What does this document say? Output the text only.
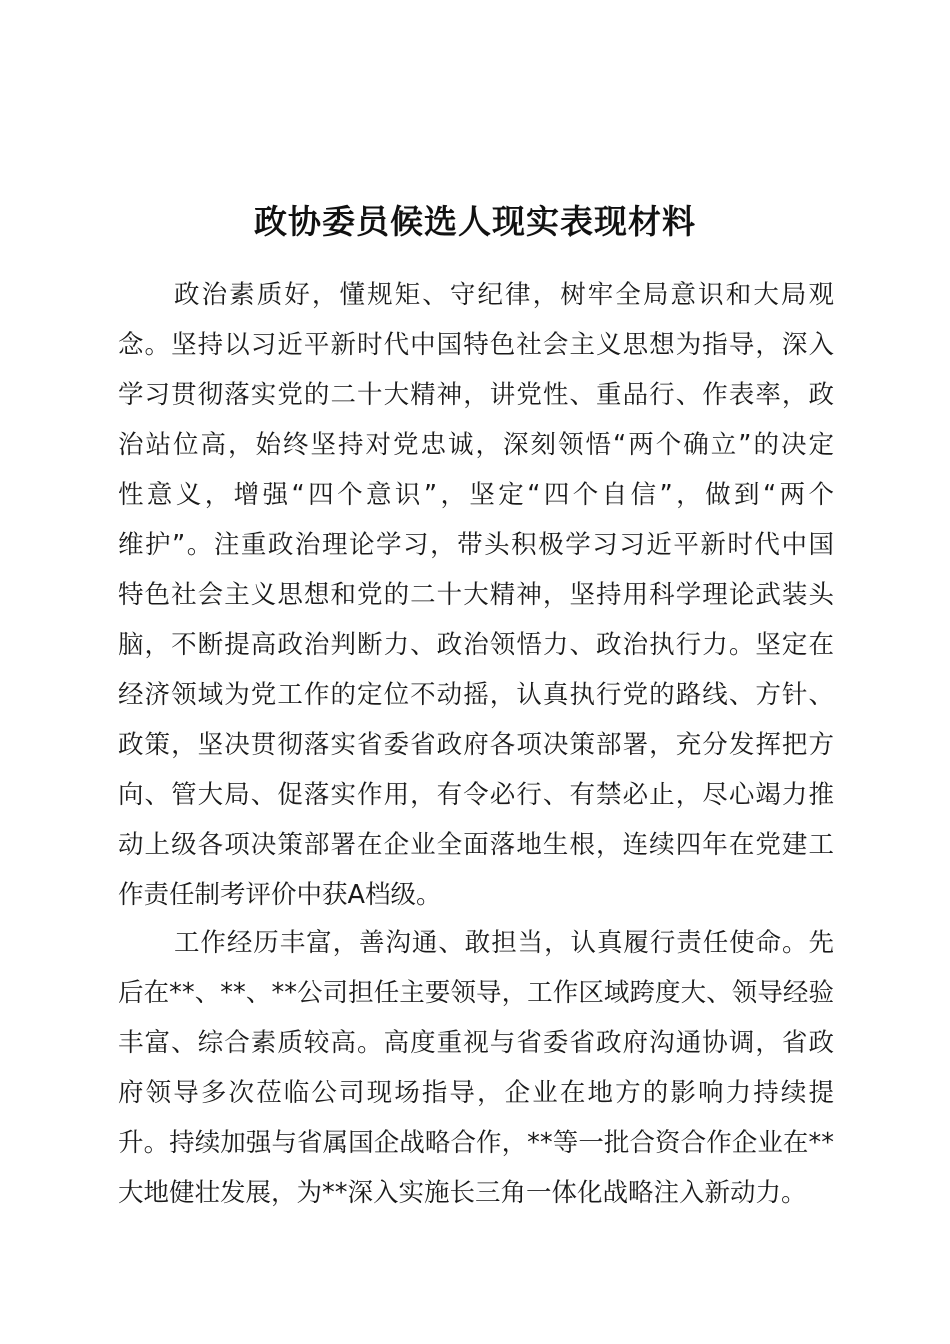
政协委员候选人现实表现材料
政治素质好，懂规矩、守纪律，树牢全局意识和大局观
念。坚持以习近平新时代中国特色社会主义思想为指导，深入
学习贯彻落实党的二十大精神，讲党性、重品行、作表率，政
治站位高，始终坚持对党忠诚，深刻领悟“两个确立”的决定
性意义，增强“四个意识”，坚定“四个自信”，做到“两个
维护”。注重政治理论学习，带头积极学习习近平新时代中国
特色社会主义思想和党的二十大精神，坚持用科学理论武装头
脑，不断提高政治判断力、政治领悟力、政治执行力。坚定在
经济领域为党工作的定位不动摇，认真执行党的路线、方针、
政策，坚决贯彻落实省委省政府各项决策部署，充分发挥把方
向、管大局、促落实作用，有令必行、有禁必止，尽心竭力推
动上级各项决策部署在企业全面落地生根，连续四年在党建工
作责任制考评价中获A档级。
工作经历丰富，善沟通、敢担当，认真履行责任使命。先
后在**、**、**公司担任主要领导，工作区域跨度大、领导经验
丰富、综合素质较高。高度重视与省委省政府沟通协调，省政
府领导多次莅临公司现场指导，企业在地方的影响力持续提
升。持续加强与省属国企战略合作，**等一批合资合作企业在**
大地健壮发展，为**深入实施长三角一体化战略注入新动力。
